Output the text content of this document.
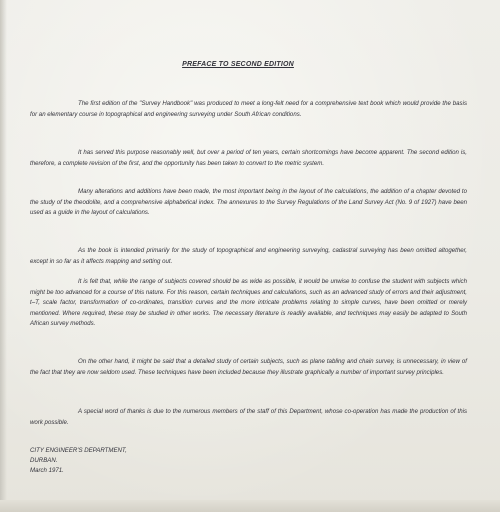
PREFACE TO SECOND EDITION

The first edition of the "Survey Handbook" was produced to meet a long-felt need for a comprehensive text book which would provide the basis for an elementary course in topographical and engineering surveying under South African conditions.

It has served this purpose reasonably well, but over a period of ten years, certain shortcomings have become apparent. The second edition is, therefore, a complete revision of the first, and the opportunity has been taken to convert to the metric system.

Many alterations and additions have been made, the most important being in the layout of the calculations, the addition of a chapter devoted to the study of the theodolite, and a comprehensive alphabetical index. The annexures to the Survey Regulations of the Land Survey Act (No. 9 of 1927) have been used as a guide in the layout of calculations.

As the book is intended primarily for the study of topographical and engineering surveying, cadastral surveying has been omitted altogether, except in so far as it affects mapping and setting out.

It is felt that, while the range of subjects covered should be as wide as possible, it would be unwise to confuse the student with subjects which might be too advanced for a course of this nature. For this reason, certain techniques and calculations, such as an advanced study of errors and their adjustment, t–T, scale factor, transformation of co-ordinates, transition curves and the more intricate problems relating to simple curves, have been omitted or merely mentioned. Where required, these may be studied in other works. The necessary literature is readily available, and techniques may easily be adapted to South African survey methods.

On the other hand, it might be said that a detailed study of certain subjects, such as plane tabling and chain survey, is unnecessary, in view of the fact that they are now seldom used. These techniques have been included because they illustrate graphically a number of important survey principles.

A special word of thanks is due to the numerous members of the staff of this Department, whose co-operation has made the production of this work possible.

CITY ENGINEER'S DEPARTMENT,
DURBAN.
March 1971.
